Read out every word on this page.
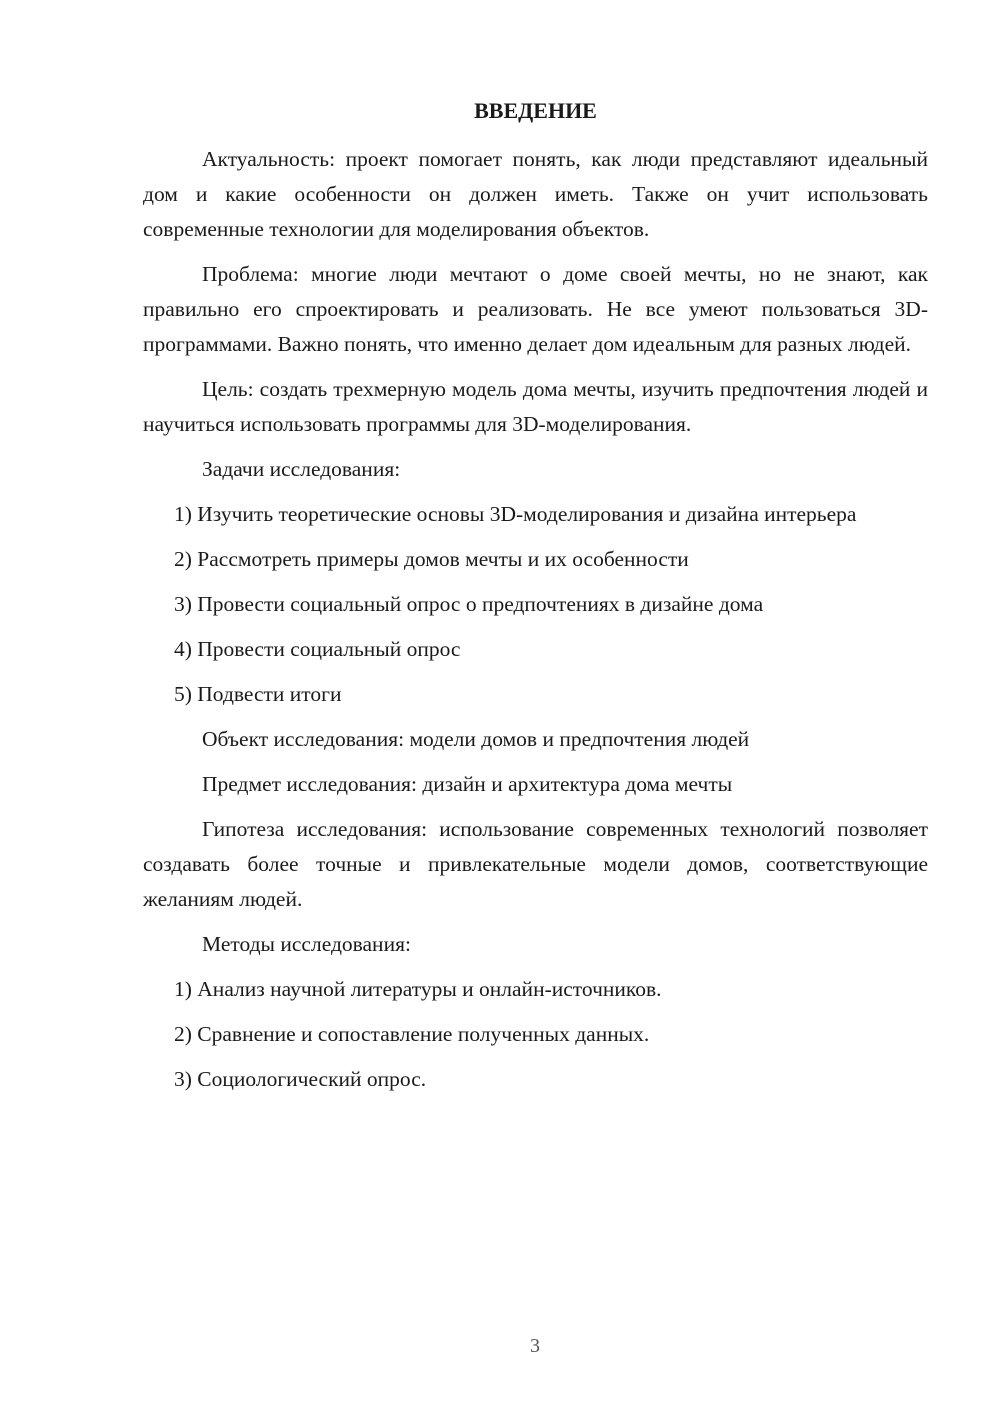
ВВЕДЕНИЕ

Актуальность: проект помогает понять, как люди представляют идеальный дом и какие особенности он должен иметь. Также он учит использовать современные технологии для моделирования объектов.

Проблема: многие люди мечтают о доме своей мечты, но не знают, как правильно его спроектировать и реализовать. Не все умеют пользоваться 3D-программами. Важно понять, что именно делает дом идеальным для разных людей.

Цель: создать трехмерную модель дома мечты, изучить предпочтения людей и научиться использовать программы для 3D-моделирования.

Задачи исследования:

1) Изучить теоретические основы 3D-моделирования и дизайна интерьера

2) Рассмотреть примеры домов мечты и их особенности

3) Провести социальный опрос о предпочтениях в дизайне дома

4) Провести социальный опрос

5) Подвести итоги

Объект исследования: модели домов и предпочтения людей

Предмет исследования: дизайн и архитектура дома мечты

Гипотеза исследования: использование современных технологий позволяет создавать более точные и привлекательные модели домов, соответствующие желаниям людей.

Методы исследования:

1) Анализ научной литературы и онлайн-источников.

2) Сравнение и сопоставление полученных данных.

3) Социологический опрос.

3
